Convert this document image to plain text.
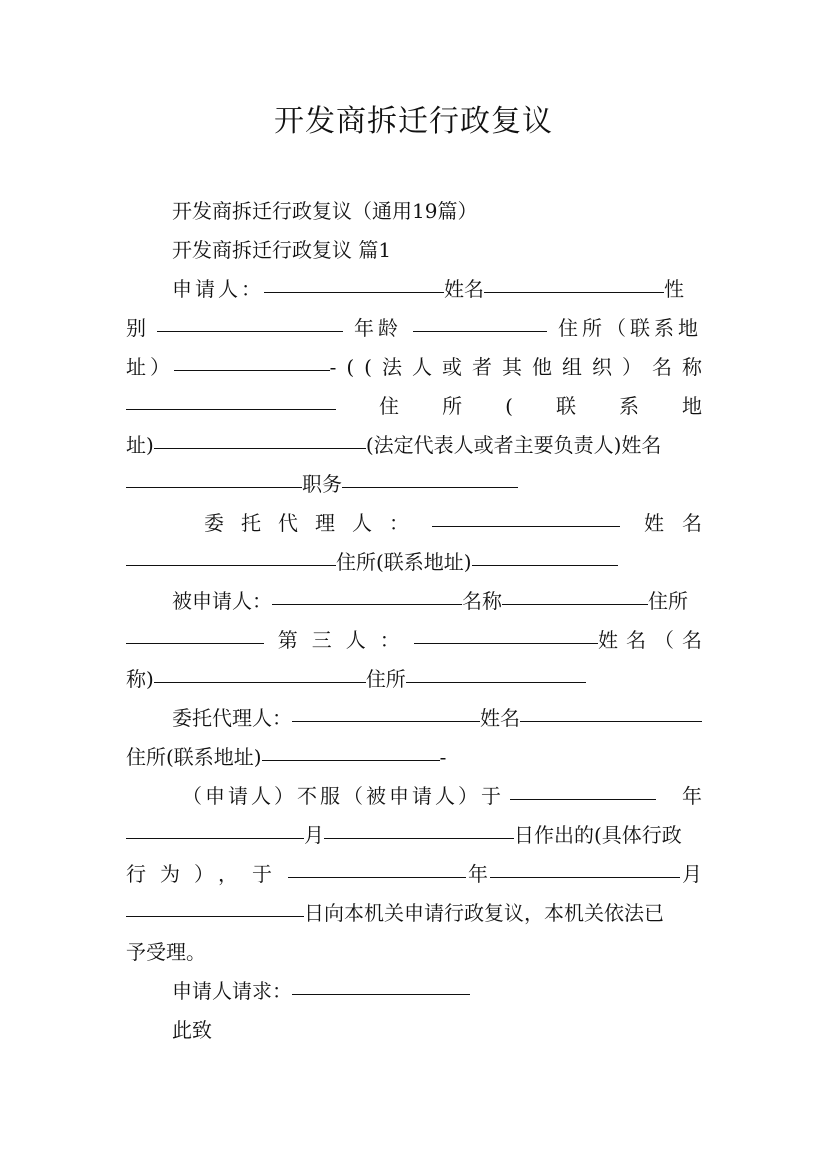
开发商拆迁行政复议
开发商拆迁行政复议（通用19篇）
开发商拆迁行政复议 篇1
申请人：	姓名	性
别	年龄	住所（联系地
址）	-((法人或者其他组织）名称
住 所 ( 联 系 地
址)	(法定代表人或者主要负责人)姓名
职务
委托代理人：	姓名
住所(联系地址)
被申请人：	名称	住所
第三人：	姓名（名
称)	住所
委托代理人：	姓名
住所(联系地址)	-
（申请人）不服（被申请人）于	年
月	日作出的(具体行政
行为），于	年	月
日向本机关申请行政复议，本机关依法已
予受理。
申请人请求：
此致
